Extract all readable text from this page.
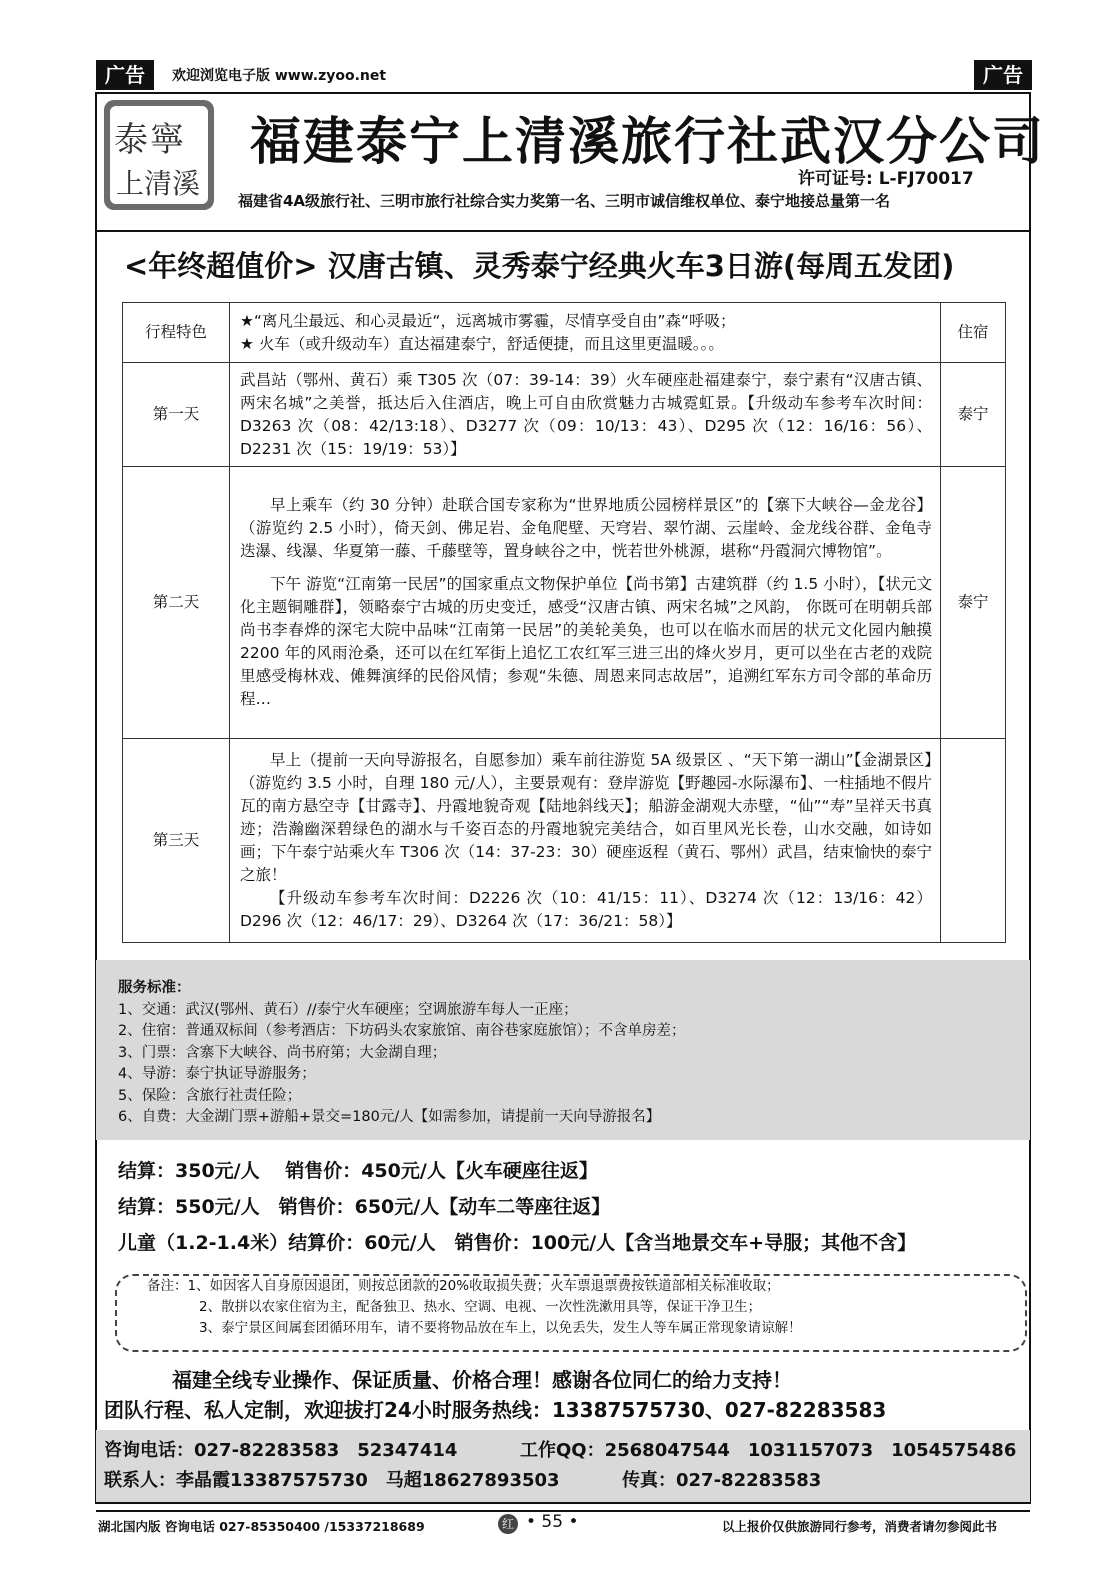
广告	欢迎浏览电子版 www.zyoo.net	广告
泰寧
上清溪
福建泰宁上清溪旅行社武汉分公司
许可证号: L-FJ70017
福建省4A级旅行社、三明市旅行社综合实力奖第一名、三明市诚信维权单位、泰宁地接总量第一名
<年终超值价> 汉唐古镇、灵秀泰宁经典火车3日游(每周五发团)
行程特色	★“离凡尘最远、和心灵最近“，远离城市雾霾，尽情享受自由”森“呼吸；
★ 火车（或升级动车）直达福建泰宁，舒适便捷，而且这里更温暖。。。	住宿
第一天	武昌站（鄂州、黄石）乘 T305 次（07：39-14：39）火车硬座赴福建泰宁，泰宁素有“汉唐古镇、两宋名城”之美誉，抵达后入住酒店，晚上可自由欣赏魅力古城霓虹景。【升级动车参考车次时间：D3263 次（08：42/13:18）、D3277 次（09：10/13：43）、D295 次（12：16/16：56）、D2231 次（15：19/19：53）】	泰宁
第二天	早上乘车（约 30 分钟）赴联合国专家称为“世界地质公园榜样景区”的【寨下大峡谷—金龙谷】（游览约 2.5 小时），倚天剑、佛足岩、金龟爬壁、天穹岩、翠竹湖、云崖岭、金龙线谷群、金龟寺迭瀑、线瀑、华夏第一藤、千藤壁等，置身峡谷之中，恍若世外桃源，堪称“丹霞洞穴博物馆”。

下午 游览“江南第一民居”的国家重点文物保护单位【尚书第】古建筑群（约 1.5 小时），【状元文化主题铜雕群】，领略泰宁古城的历史变迁，感受“汉唐古镇、两宋名城”之风韵， 你既可在明朝兵部尚书李春烨的深宅大院中品味“江南第一民居”的美轮美奂，也可以在临水而居的状元文化园内触摸 2200 年的风雨沧桑，还可以在红军街上追忆工农红军三进三出的烽火岁月，更可以坐在古老的戏院里感受梅林戏、傩舞演绎的民俗风情；参观“朱德、周恩来同志故居”，追溯红军东方司令部的革命历程…	泰宁
第三天	早上（提前一天向导游报名，自愿参加）乘车前往游览 5A 级景区 、“天下第一湖山”【金湖景区】（游览约 3.5 小时，自理 180 元/人），主要景观有：登岸游览【野趣园-水际瀑布】、一柱插地不假片瓦的南方悬空寺【甘露寺】、丹霞地貌奇观【陆地斜线天】；船游金湖观大赤壁，“仙”“寿”呈祥天书真迹；浩瀚幽深碧绿色的湖水与千姿百态的丹霞地貌完美结合，如百里风光长卷，山水交融，如诗如画；下午泰宁站乘火车 T306 次（14：37-23：30）硬座返程（黄石、鄂州）武昌，结束愉快的泰宁之旅！

【升级动车参考车次时间：D2226 次（10：41/15：11）、D3274 次（12：13/16：42）D296 次（12：46/17：29）、D3264 次（17：36/21：58）】	

服务标准：
1、交通：武汉(鄂州、黄石）//泰宁火车硬座；空调旅游车每人一正座；
2、住宿：普通双标间（参考酒店：下坊码头农家旅馆、南谷巷家庭旅馆）；不含单房差；
3、门票：含寨下大峡谷、尚书府第；大金湖自理；
4、导游：泰宁执证导游服务；
5、保险：含旅行社责任险；
6、自费：大金湖门票+游船+景交=180元/人【如需参加，请提前一天向导游报名】
结算：350元/人　 销售价：450元/人【火车硬座往返】
结算：550元/人　销售价：650元/人【动车二等座往返】
儿童（1.2-1.4米）结算价：60元/人　销售价：100元/人【含当地景交车+导服；其他不含】
备注：1、如因客人自身原因退团，则按总团款的20%收取损失费；火车票退票费按铁道部相关标准收取；
2、散拼以农家住宿为主，配备独卫、热水、空调、电视、一次性洗漱用具等，保证干净卫生；
3、泰宁景区间属套团循环用车，请不要将物品放在车上，以免丢失，发生人等车属正常现象请谅解！
福建全线专业操作、保证质量、价格合理！感谢各位同仁的给力支持！
团队行程、私人定制，欢迎拔打24小时服务热线：13387575730、027-82283583
咨询电话：027-82283583　52347414	工作QQ：2568047544　1031157073　1054575486
联系人：李晶霞13387575730　马超18627893503	传真：027-82283583
湖北国内版 咨询电话 027-85350400 /15337218689	红 • 55 •	以上报价仅供旅游同行参考，消费者请勿参阅此书
